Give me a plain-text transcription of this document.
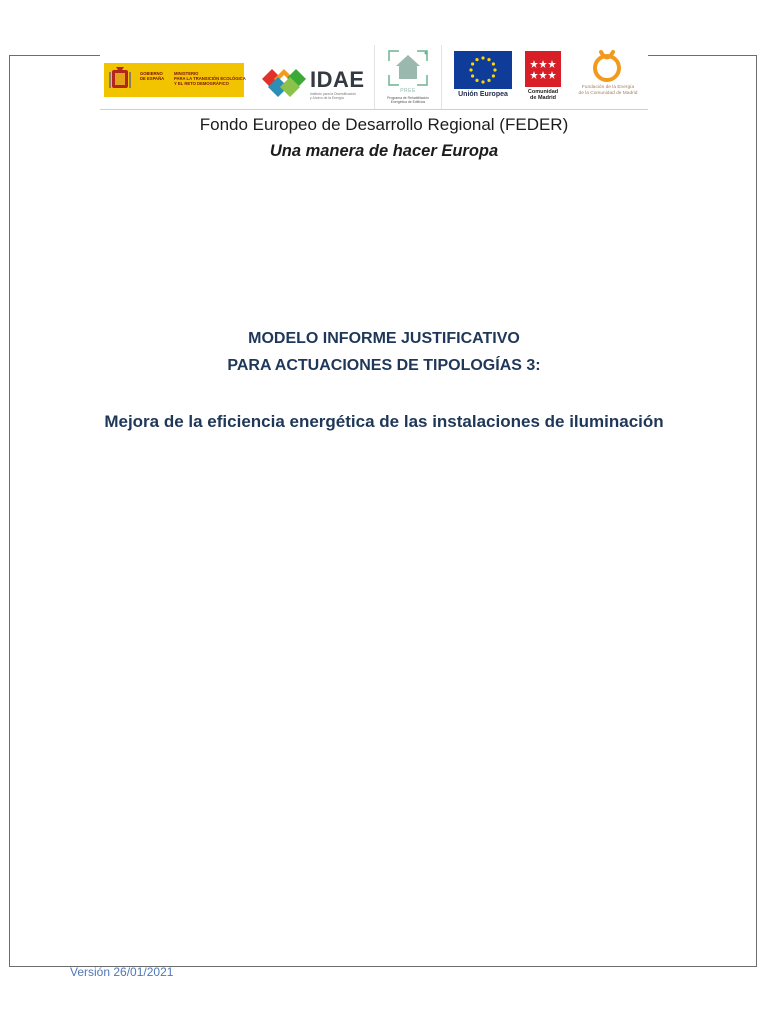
GOBIERNO
DE ESPAÑA
MINISTERIO
PARA LA TRANSICIÓN ECOLÓGICA
Y EL RETO DEMOGRÁFICO	IDAE
Instituto para la Diversificación
y Ahorro de la Energía
PREE
Programa de Rehabilitación
Energética de Edificios
Unión Europea	Comunidad
de Madrid
Fundación de la Energía
de la Comunidad de Madrid
Fondo Europeo de Desarrollo Regional (FEDER)
Una manera de hacer Europa
MODELO INFORME JUSTIFICATIVO
PARA ACTUACIONES DE TIPOLOGÍAS 3:
Mejora de la eficiencia energética de las instalaciones de iluminación
Versión 26/01/2021
